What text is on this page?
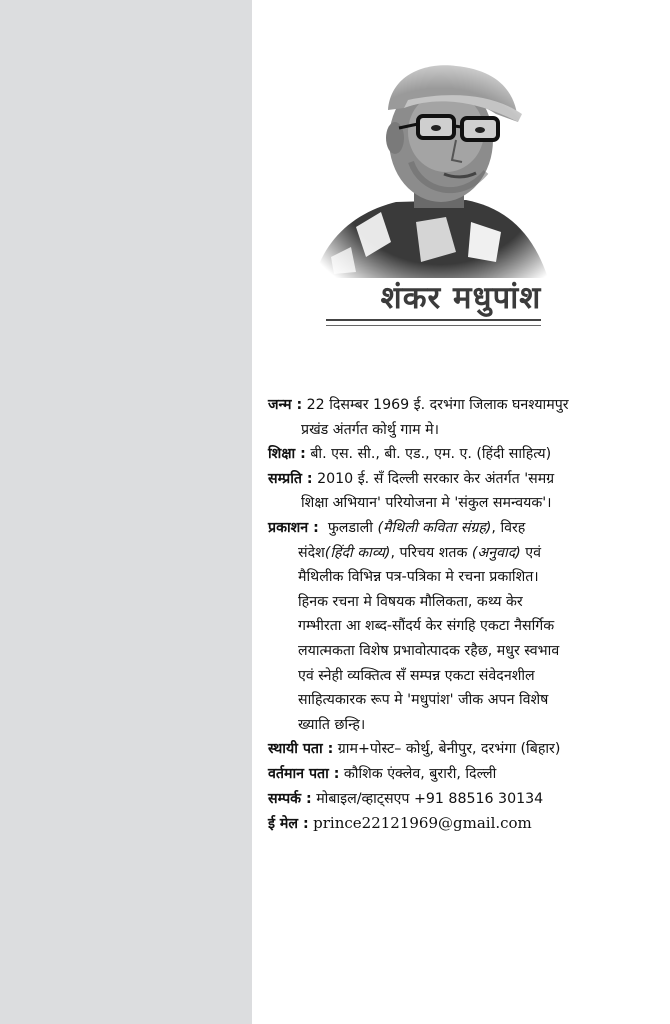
शंकर मधुपांश
जन्म : 22 दिसम्बर 1969 ई. दरभंगा जिलाक घनश्यामपुर
प्रखंड अंतर्गत कोर्थु गाम मे।
शिक्षा : बी. एस. सी., बी. एड., एम. ए. (हिंदी साहित्य)
सम्प्रति : 2010 ई. सँ दिल्ली सरकार केर अंतर्गत 'समग्र
शिक्षा अभियान' परियोजना मे 'संकुल समन्वयक'।
प्रकाशन : फुलडाली (मैथिली कविता संग्रह), विरह
संदेश(हिंदी काव्य), परिचय शतक (अनुवाद) एवं
मैथिलीक विभिन्न पत्र-पत्रिका मे रचना प्रकाशित।
हिनक रचना मे विषयक मौलिकता, कथ्य केर
गम्भीरता आ शब्द-सौंदर्य केर संगहि एकटा नैसर्गिक
लयात्मकता विशेष प्रभावोत्पादक रहैछ, मधुर स्वभाव
एवं स्नेही व्यक्तित्व सँ सम्पन्न एकटा संवेदनशील
साहित्यकारक रूप मे 'मधुपांश' जीक अपन विशेष
ख्याति छन्हि।
स्थायी पता : ग्राम+पोस्ट– कोर्थु, बेनीपुर, दरभंगा (बिहार)
वर्तमान पता : कौशिक एंक्लेव, बुरारी, दिल्ली
सम्पर्क : मोबाइल/व्हाट्सएप +91 88516 30134
ई मेल : prince22121969@gmail.com
